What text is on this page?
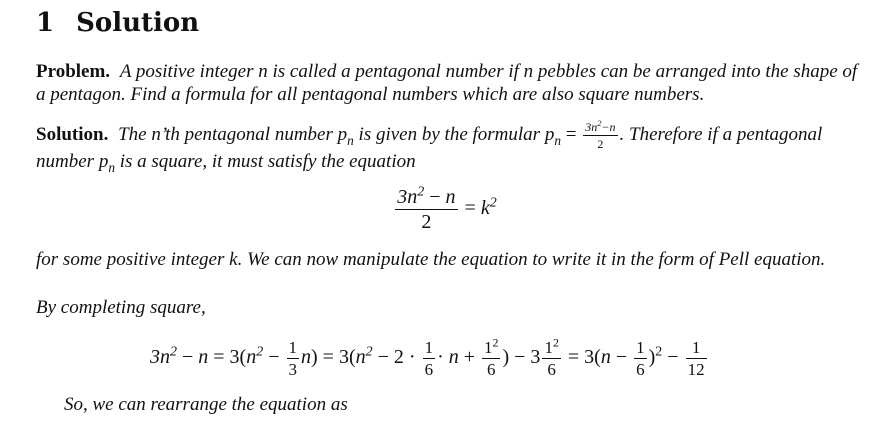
1 Solution
Problem. A positive integer n is called a pentagonal number if n pebbles can be arranged into the shape of a pentagon. Find a formula for all pentagonal numbers which are also square numbers.
Solution. The n’th pentagonal number $p_n$ is given by the formular $p_n = \frac{3n^2-n}{2}$ . Therefore if a pentagonal number $p_n$ is a square, it must satisfy the equation
$\frac{3n^2 - n}{2} = k^2$
for some positive integer k. We can now manipulate the equation to write it in the form of Pell equation.
By completing square,
$3n^2 - n = 3(n^2 - \frac{1}{3} n) = 3(n^2 - 2 \cdot \frac{1}{6} \cdot n + \frac{1^2}{6}$ ) − $3 \frac{1^2}{6} = 3(n - \frac{1}{6} )^2 - \frac{1}{12}$
So, we can rearrange the equation as
